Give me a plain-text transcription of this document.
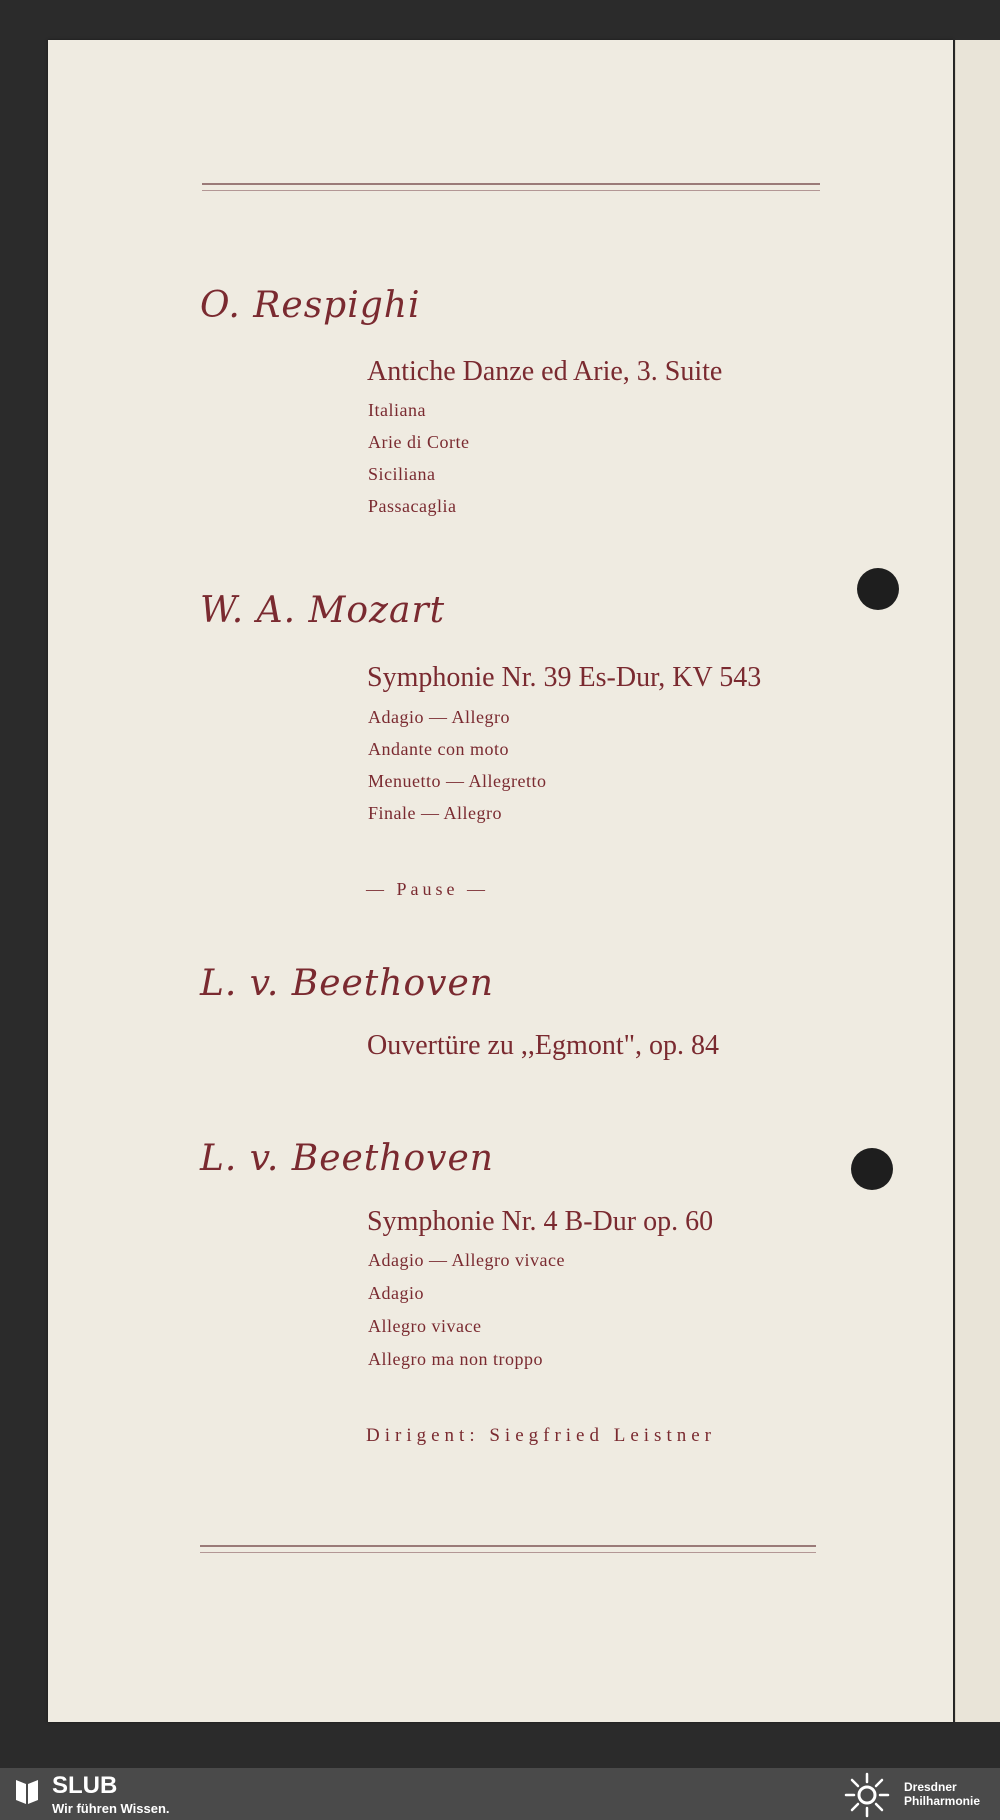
O. Respighi
Antiche Danze ed Arie, 3. Suite
Italiana
Arie di Corte
Siciliana
Passacaglia
W. A. Mozart
Symphonie Nr. 39 Es-Dur, KV 543
Adagio — Allegro
Andante con moto
Menuetto — Allegretto
Finale — Allegro
— Pause —
L. v. Beethoven
Ouvertüre zu ,,Egmont", op. 84
L. v. Beethoven
Symphonie Nr. 4 B-Dur op. 60
Adagio — Allegro vivace
Adagio
Allegro vivace
Allegro ma non troppo
Dirigent: Siegfried Leistner
SLUB
Wir führen Wissen.
Dresdner
Philharmonie
